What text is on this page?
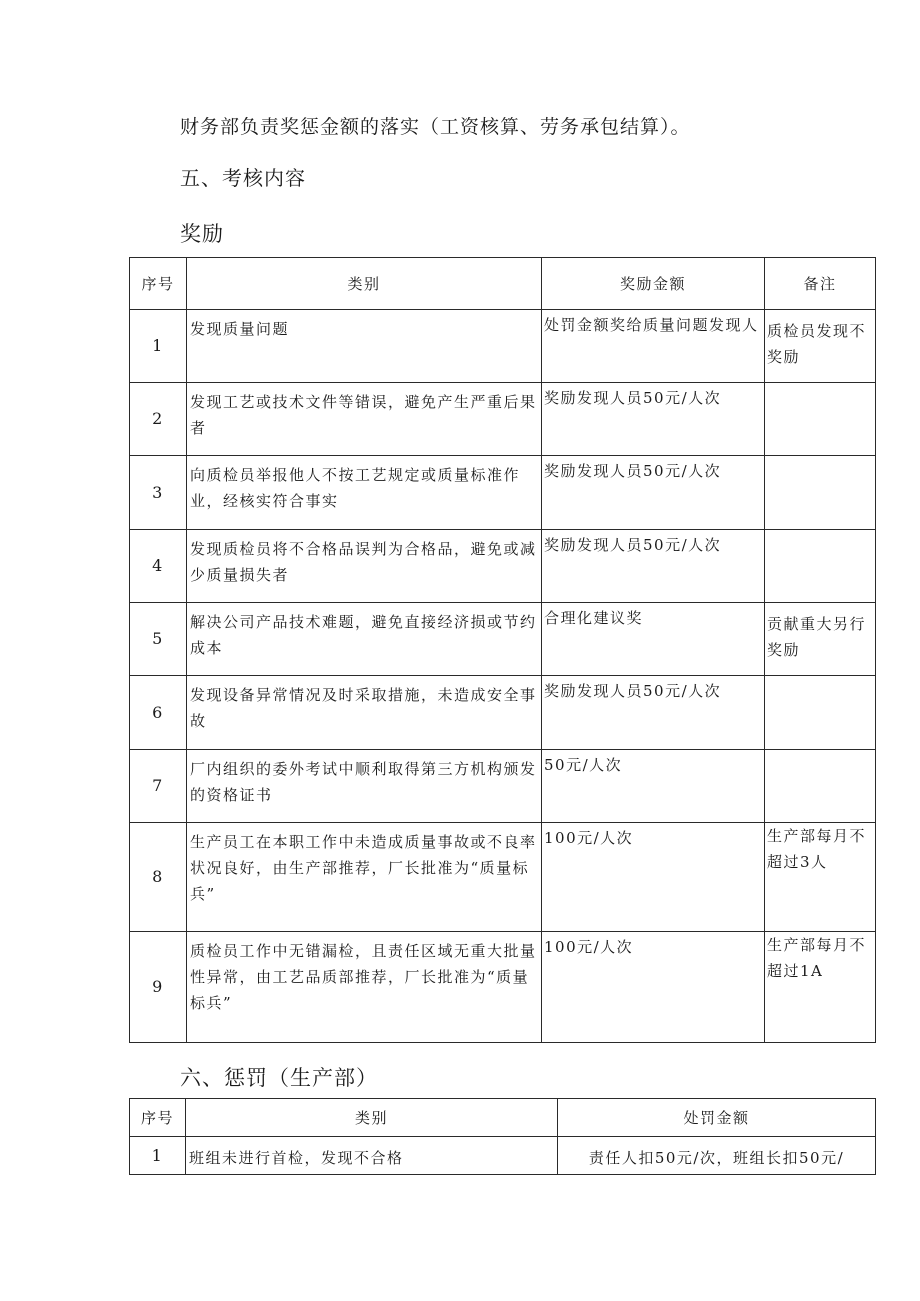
财务部负责奖惩金额的落实（工资核算、劳务承包结算）。
五、考核内容
奖励
序号	类别	奖励金额	备注
1	发现质量问题	处罚金额奖给质量问题发现人	质检员发现不奖励
2	发现工艺或技术文件等错误，避免产生严重后果者	奖励发现人员50元/人次	
3	向质检员举报他人不按工艺规定或质量标准作业，经核实符合事实	奖励发现人员50元/人次	
4	发现质检员将不合格品误判为合格品，避免或减少质量损失者	奖励发现人员50元/人次	
5	解决公司产品技术难题，避免直接经济损或节约成本	合理化建议奖	贡献重大另行奖励
6	发现设备异常情况及时采取措施，未造成安全事故	奖励发现人员50元/人次	
7	厂内组织的委外考试中顺利取得第三方机构颁发的资格证书	50元/人次	
8	生产员工在本职工作中未造成质量事故或不良率状况良好，由生产部推荐，厂长批准为“质量标兵”	100元/人次	生产部每月不超过3人
9	质检员工作中无错漏检，且责任区域无重大批量性异常，由工艺品质部推荐，厂长批准为“质量标兵”	100元/人次	生产部每月不超过1A
六、惩罚（生产部）
序号	类别	处罚金额
1	班组未进行首检，发现不合格	责任人扣50元/次，班组长扣50元/
